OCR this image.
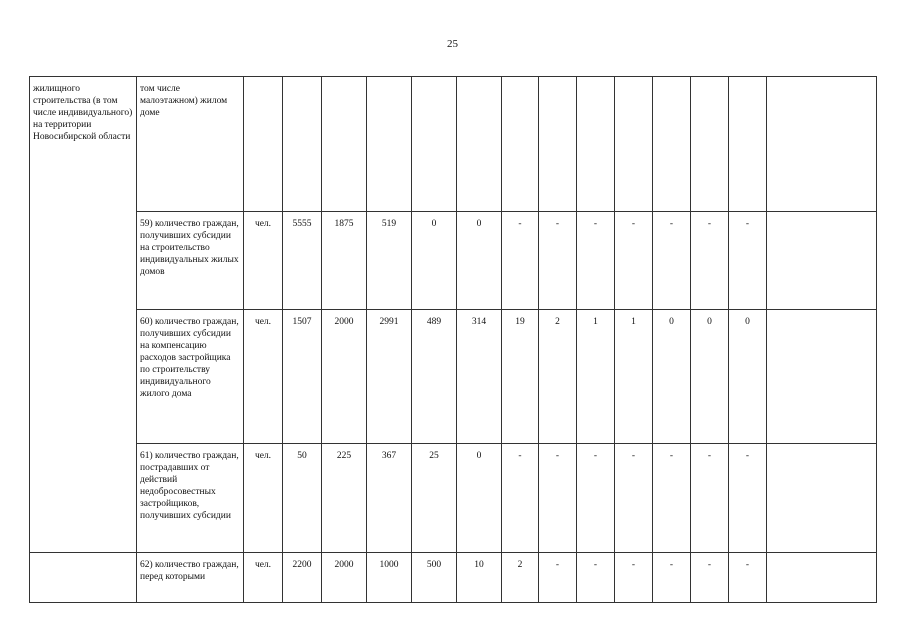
25
жилищного строительства (в том числе индивидуального) на территории Новосибирской области	том числе малоэтажном) жилом доме														
	59) количество граждан, получивших субсидии на строительство индивидуальных жилых домов	чел.	5555	1875	519	0	0	-	-	-	-	-	-	-	
	60) количество граждан, получивших субсидии на компенсацию расходов застройщика по строительству индивидуального жилого дома	чел.	1507	2000	2991	489	314	19	2	1	1	0	0	0	
	61) количество граждан, пострадавших от действий недобросовестных застройщиков, получивших субсидии	чел.	50	225	367	25	0	-	-	-	-	-	-	-	
	62) количество граждан, перед которыми	чел.	2200	2000	1000	500	10	2	-	-	-	-	-	-	
